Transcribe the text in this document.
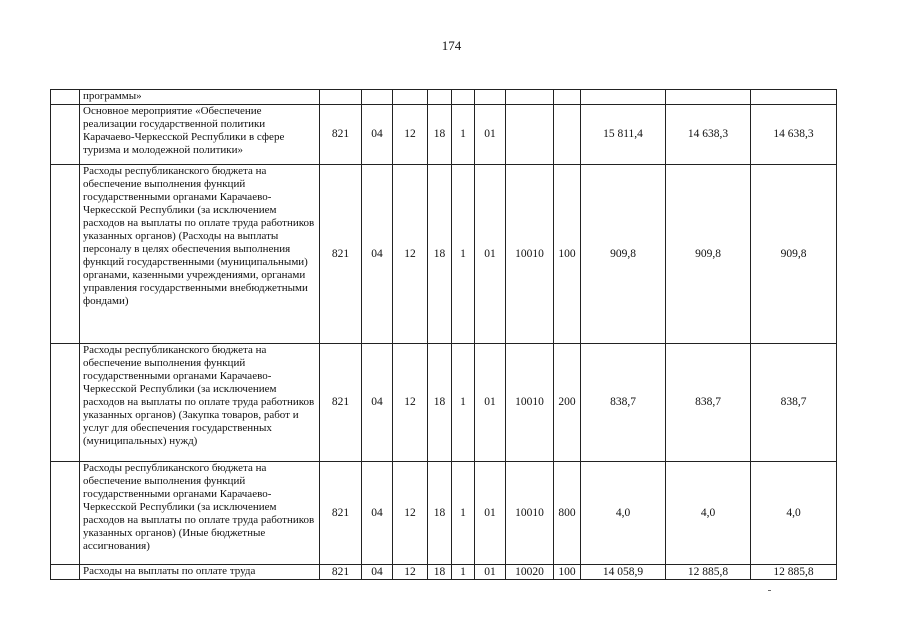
174
	программы»											
	Основное мероприятие «Обеспечение реализации государственной политики Карачаево-Черкесской Республики в сфере туризма и молодежной политики»	821	04	12	18	1	01			15 811,4	14 638,3	14 638,3
	Расходы республиканского бюджета на обеспечение выполнения функций государственными органами Карачаево-Черкесской Республики (за исключением расходов на выплаты по оплате труда работников указанных органов) (Расходы на выплаты персоналу в целях обеспечения выполнения функций государственными (муниципальными) органами, казенными учреждениями, органами управления государственными внебюджетными фондами)	821	04	12	18	1	01	10010	100	909,8	909,8	909,8
	Расходы республиканского бюджета на обеспечение выполнения функций государственными органами Карачаево-Черкесской Республики (за исключением расходов на выплаты по оплате труда работников указанных органов) (Закупка товаров, работ и услуг для обеспечения государственных (муниципальных) нужд)	821	04	12	18	1	01	10010	200	838,7	838,7	838,7
	Расходы республиканского бюджета на обеспечение выполнения функций государственными органами Карачаево-Черкесской Республики (за исключением расходов на выплаты по оплате труда работников указанных органов) (Иные бюджетные ассигнования)	821	04	12	18	1	01	10010	800	4,0	4,0	4,0
	Расходы на выплаты по оплате труда	821	04	12	18	1	01	10020	100	14 058,9	12 885,8	12 885,8
